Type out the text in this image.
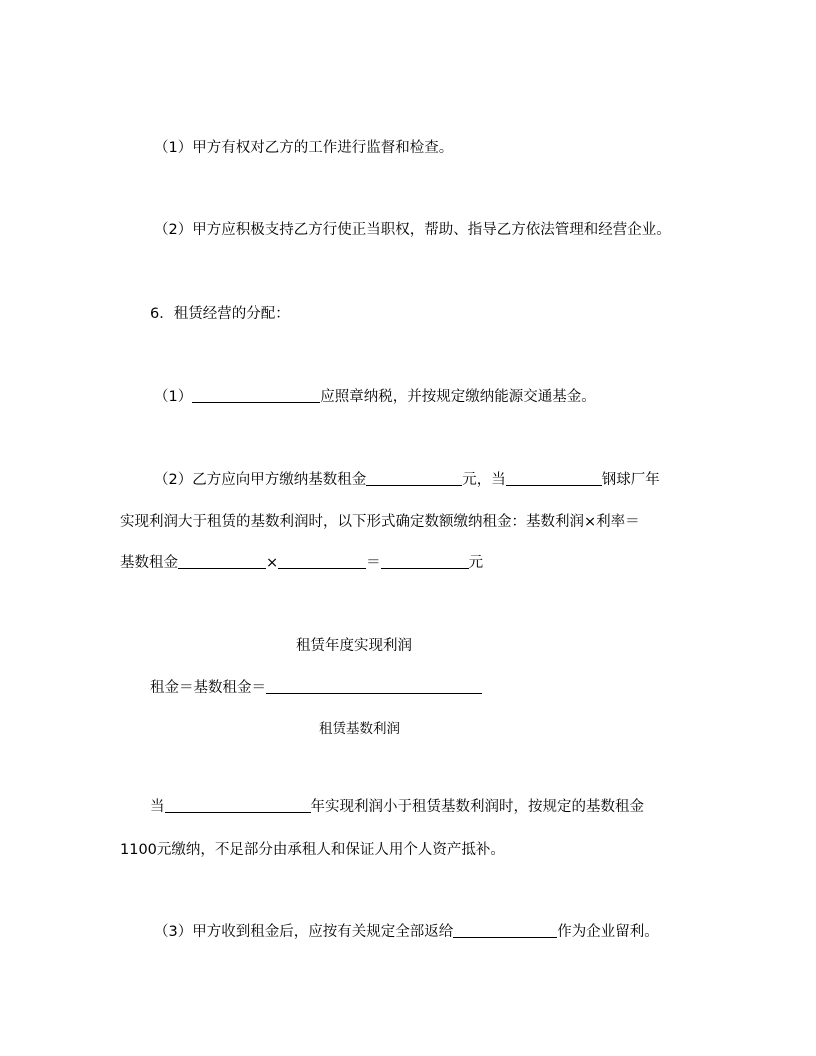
（1）甲方有权对乙方的工作进行监督和检查。
（2）甲方应积极支持乙方行使正当职权，帮助、指导乙方依法管理和经营企业。
6．租赁经营的分配：
（1）	应照章纳税，并按规定缴纳能源交通基金。
（2）乙方应向甲方缴纳基数租金	元，当	钢球厂年
实现利润大于租赁的基数利润时，以下形式确定数额缴纳租金：基数利润×利率＝
基数租金	×	＝	元
租赁年度实现利润
租金＝基数租金＝
租赁基数利润
当	年实现利润小于租赁基数利润时，按规定的基数租金
1100元缴纳，不足部分由承租人和保证人用个人资产抵补。
（3）甲方收到租金后，应按有关规定全部返给	作为企业留利。
